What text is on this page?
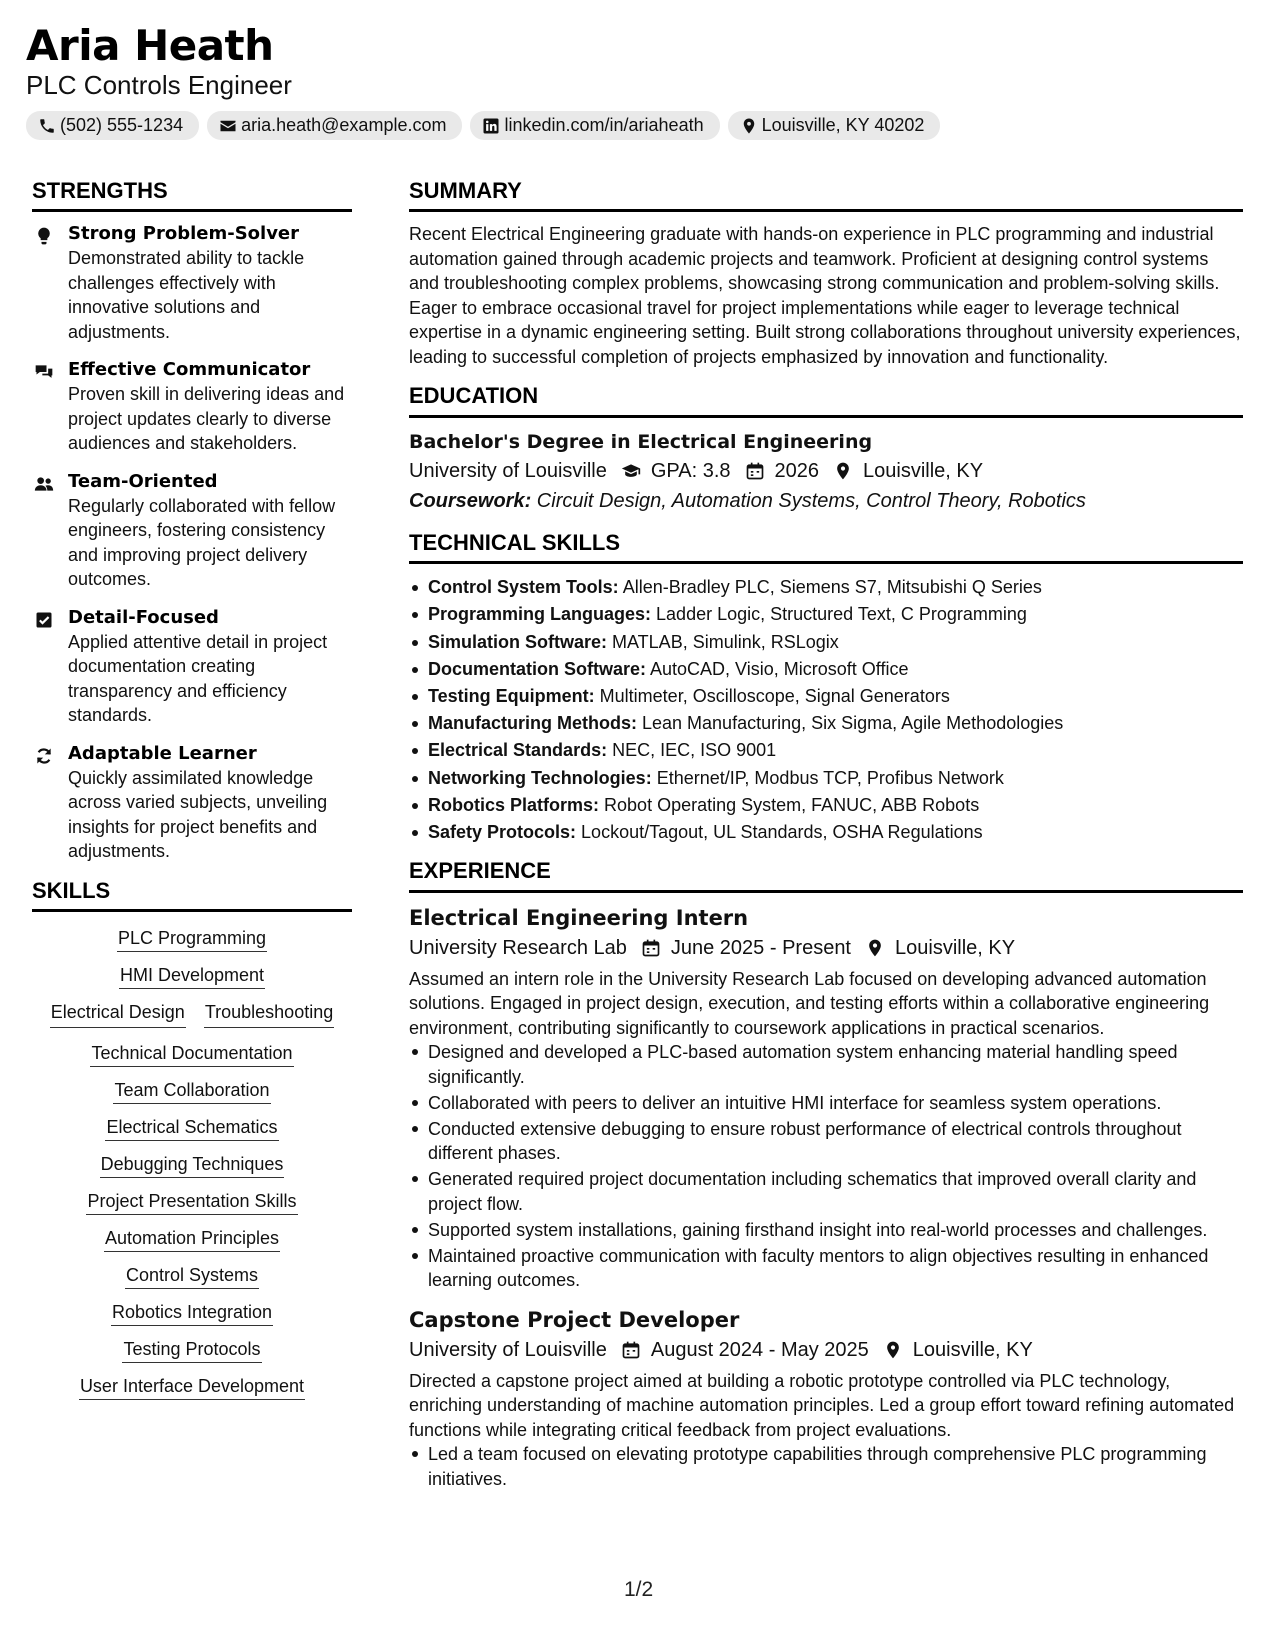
Aria Heath
PLC Controls Engineer
(502) 555-1234	aria.heath@example.com	linkedin.com/in/ariaheath	Louisville, KY 40202
STRENGTHS
Strong Problem-Solver
Demonstrated ability to tackle challenges effectively with innovative solutions and adjustments.
Effective Communicator
Proven skill in delivering ideas and project updates clearly to diverse audiences and stakeholders.
Team-Oriented
Regularly collaborated with fellow engineers, fostering consistency and improving project delivery outcomes.
Detail-Focused
Applied attentive detail in project documentation creating transparency and efficiency standards.
Adaptable Learner
Quickly assimilated knowledge across varied subjects, unveiling insights for project benefits and adjustments.
SKILLS
PLC Programming
HMI Development
Electrical Design Troubleshooting
Technical Documentation
Team Collaboration
Electrical Schematics
Debugging Techniques
Project Presentation Skills
Automation Principles
Control Systems
Robotics Integration
Testing Protocols
User Interface Development
SUMMARY
Recent Electrical Engineering graduate with hands-on experience in PLC programming and industrial automation gained through academic projects and teamwork. Proficient at designing control systems and troubleshooting complex problems, showcasing strong communication and problem-solving skills. Eager to embrace occasional travel for project implementations while eager to leverage technical expertise in a dynamic engineering setting. Built strong collaborations throughout university experiences, leading to successful completion of projects emphasized by innovation and functionality.
EDUCATION
Bachelor's Degree in Electrical Engineering
University of Louisville GPA: 3.8 2026 Louisville, KY
Coursework: Circuit Design, Automation Systems, Control Theory, Robotics
TECHNICAL SKILLS
Control System Tools: Allen-Bradley PLC, Siemens S7, Mitsubishi Q Series
Programming Languages: Ladder Logic, Structured Text, C Programming
Simulation Software: MATLAB, Simulink, RSLogix
Documentation Software: AutoCAD, Visio, Microsoft Office
Testing Equipment: Multimeter, Oscilloscope, Signal Generators
Manufacturing Methods: Lean Manufacturing, Six Sigma, Agile Methodologies
Electrical Standards: NEC, IEC, ISO 9001
Networking Technologies: Ethernet/IP, Modbus TCP, Profibus Network
Robotics Platforms: Robot Operating System, FANUC, ABB Robots
Safety Protocols: Lockout/Tagout, UL Standards, OSHA Regulations
EXPERIENCE
Electrical Engineering Intern
University Research Lab June 2025 - Present Louisville, KY
Assumed an intern role in the University Research Lab focused on developing advanced automation solutions. Engaged in project design, execution, and testing efforts within a collaborative engineering environment, contributing significantly to coursework applications in practical scenarios.
Designed and developed a PLC-based automation system enhancing material handling speed significantly.
Collaborated with peers to deliver an intuitive HMI interface for seamless system operations.
Conducted extensive debugging to ensure robust performance of electrical controls throughout different phases.
Generated required project documentation including schematics that improved overall clarity and project flow.
Supported system installations, gaining firsthand insight into real-world processes and challenges.
Maintained proactive communication with faculty mentors to align objectives resulting in enhanced learning outcomes.
Capstone Project Developer
University of Louisville August 2024 - May 2025 Louisville, KY
Directed a capstone project aimed at building a robotic prototype controlled via PLC technology, enriching understanding of machine automation principles. Led a group effort toward refining automated functions while integrating critical feedback from project evaluations.
Led a team focused on elevating prototype capabilities through comprehensive PLC programming initiatives.
1/2
